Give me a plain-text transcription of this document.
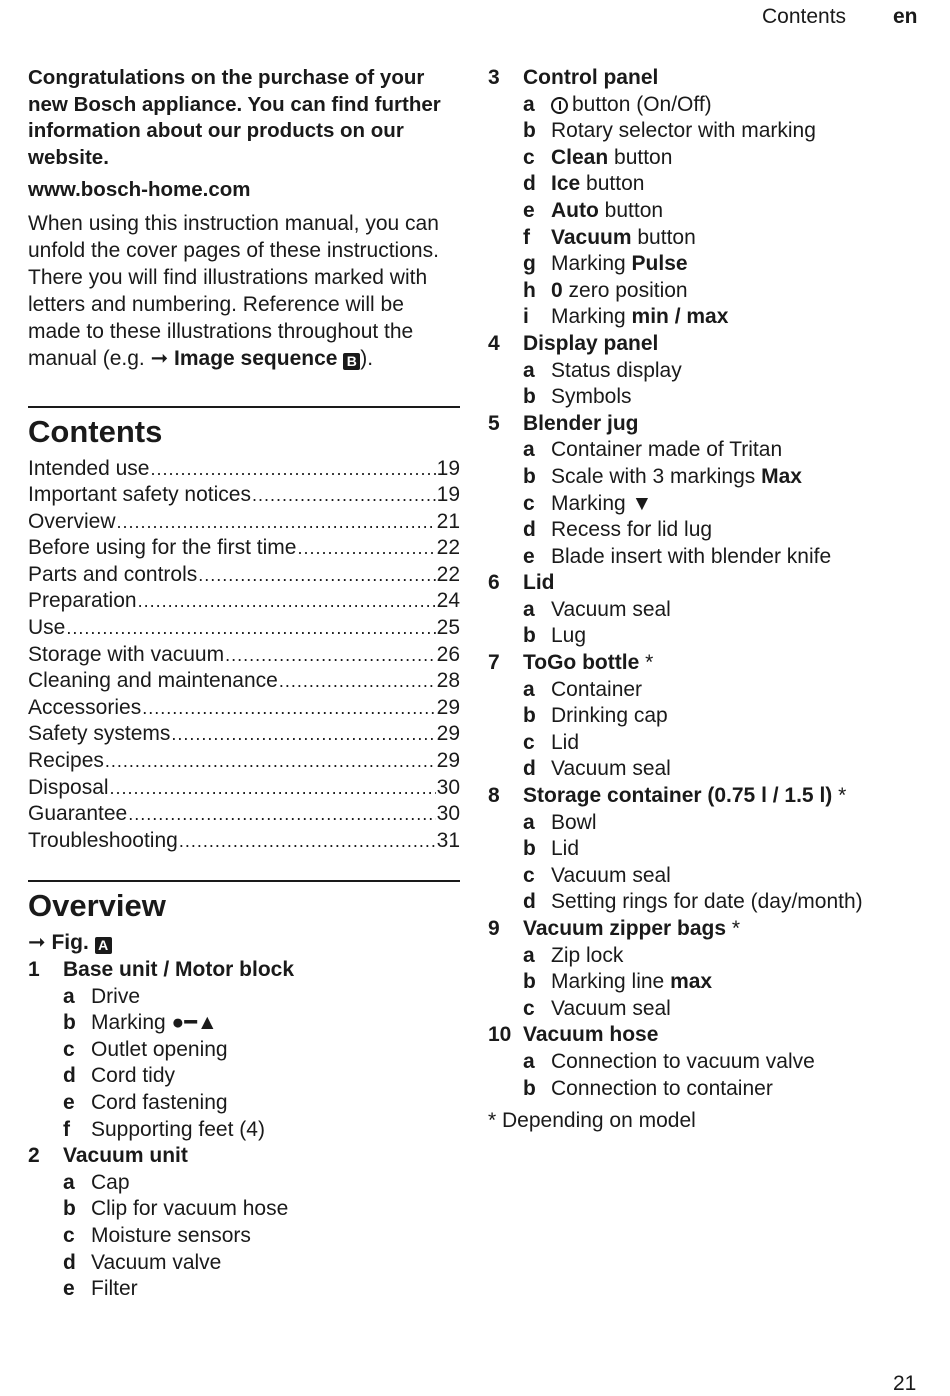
Contents en

Congratulations on the purchase of your new Bosch appliance. You can find further information about our products on our website.

www.bosch-home.com

When using this instruction manual, you can unfold the cover pages of these instructions. There you will find illustrations marked with letters and numbering. Reference will be made to these illustrations throughout the manual (e.g. ➞ Image sequence B ).

Contents
Intended use .....	19
Important safety notices .....	19
Overview .....	21
Before using for the first time .....	22
Parts and controls .....	22
Preparation .....	24
Use .....	25
Storage with vacuum .....	26
Cleaning and maintenance .....	28
Accessories .....	29
Safety systems .....	29
Recipes .....	29
Disposal .....	30
Guarantee .....	30
Troubleshooting .....	31
Overview
➞ Fig. A
1 Base unit / Motor block
a Drive
b Marking ●━▲
c Outlet opening
d Cord tidy
e Cord fastening
f Supporting feet (4)
2 Vacuum unit
a Cap
b Clip for vacuum hose
c Moisture sensors
d Vacuum valve
e Filter
3 Control panel
a button (On/Off)
b Rotary selector with marking
c Clean button
d Ice button
e Auto button
f Vacuum button
g Marking Pulse
h 0 zero position
i Marking min / max
4 Display panel
a Status display
b Symbols
5 Blender jug
a Container made of Tritan
b Scale with 3 markings Max
c Marking ▼
d Recess for lid lug
e Blade insert with blender knife
6 Lid
a Vacuum seal
b Lug
7 ToGo bottle *
a Container
b Drinking cap
c Lid
d Vacuum seal
8 Storage container (0.75 l / 1.5 l) *
a Bowl
b Lid
c Vacuum seal
d Setting rings for date (day/month)
9 Vacuum zipper bags *
a Zip lock
b Marking line max
c Vacuum seal
10 Vacuum hose
a Connection to vacuum valve
b Connection to container
* Depending on model
21
